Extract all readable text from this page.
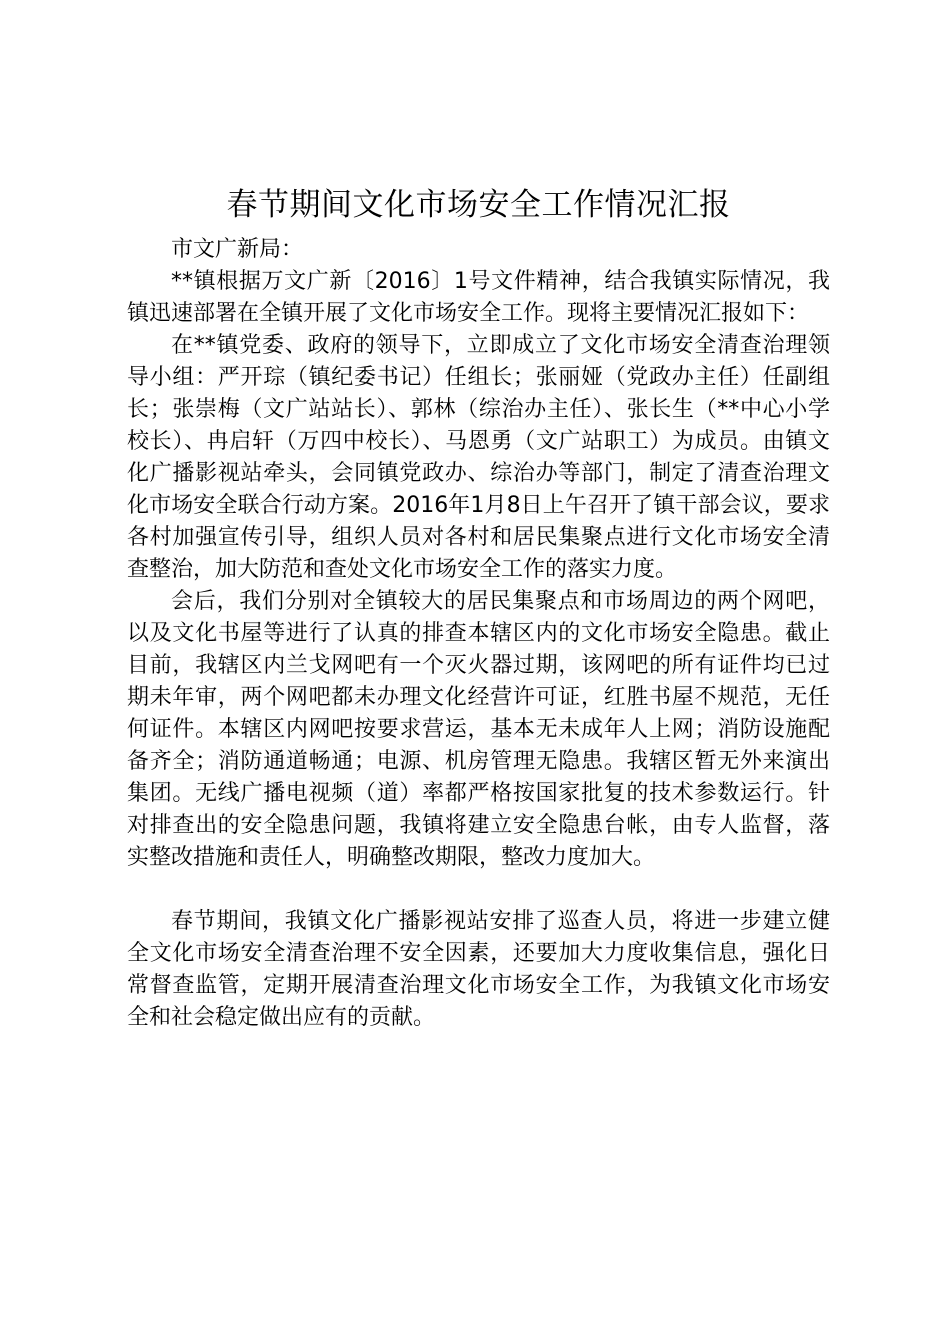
春节期间文化市场安全工作情况汇报

市文广新局：

**镇根据万文广新〔2016〕1号文件精神，结合我镇实际情况，我镇迅速部署在全镇开展了文化市场安全工作。现将主要情况汇报如下：

在**镇党委、政府的领导下，立即成立了文化市场安全清查治理领导小组：严开琮（镇纪委书记）任组长；张丽娅（党政办主任）任副组长；张崇梅（文广站站长）、郭林（综治办主任）、张长生（**中心小学校长）、冉启轩（万四中校长）、马恩勇（文广站职工）为成员。由镇文化广播影视站牵头，会同镇党政办、综治办等部门，制定了清查治理文化市场安全联合行动方案。2016年1月8日上午召开了镇干部会议，要求各村加强宣传引导，组织人员对各村和居民集聚点进行文化市场安全清查整治，加大防范和查处文化市场安全工作的落实力度。

会后，我们分别对全镇较大的居民集聚点和市场周边的两个网吧，以及文化书屋等进行了认真的排查本辖区内的文化市场安全隐患。截止目前，我辖区内兰戈网吧有一个灭火器过期，该网吧的所有证件均已过期未年审，两个网吧都未办理文化经营许可证，红胜书屋不规范，无任何证件。本辖区内网吧按要求营运，基本无未成年人上网；消防设施配备齐全；消防通道畅通；电源、机房管理无隐患。我辖区暂无外来演出集团。无线广播电视频（道）率都严格按国家批复的技术参数运行。针对排查出的安全隐患问题，我镇将建立安全隐患台帐，由专人监督，落实整改措施和责任人，明确整改期限，整改力度加大。

春节期间，我镇文化广播影视站安排了巡查人员，将进一步建立健全文化市场安全清查治理不安全因素，还要加大力度收集信息，强化日常督查监管，定期开展清查治理文化市场安全工作，为我镇文化市场安全和社会稳定做出应有的贡献。
